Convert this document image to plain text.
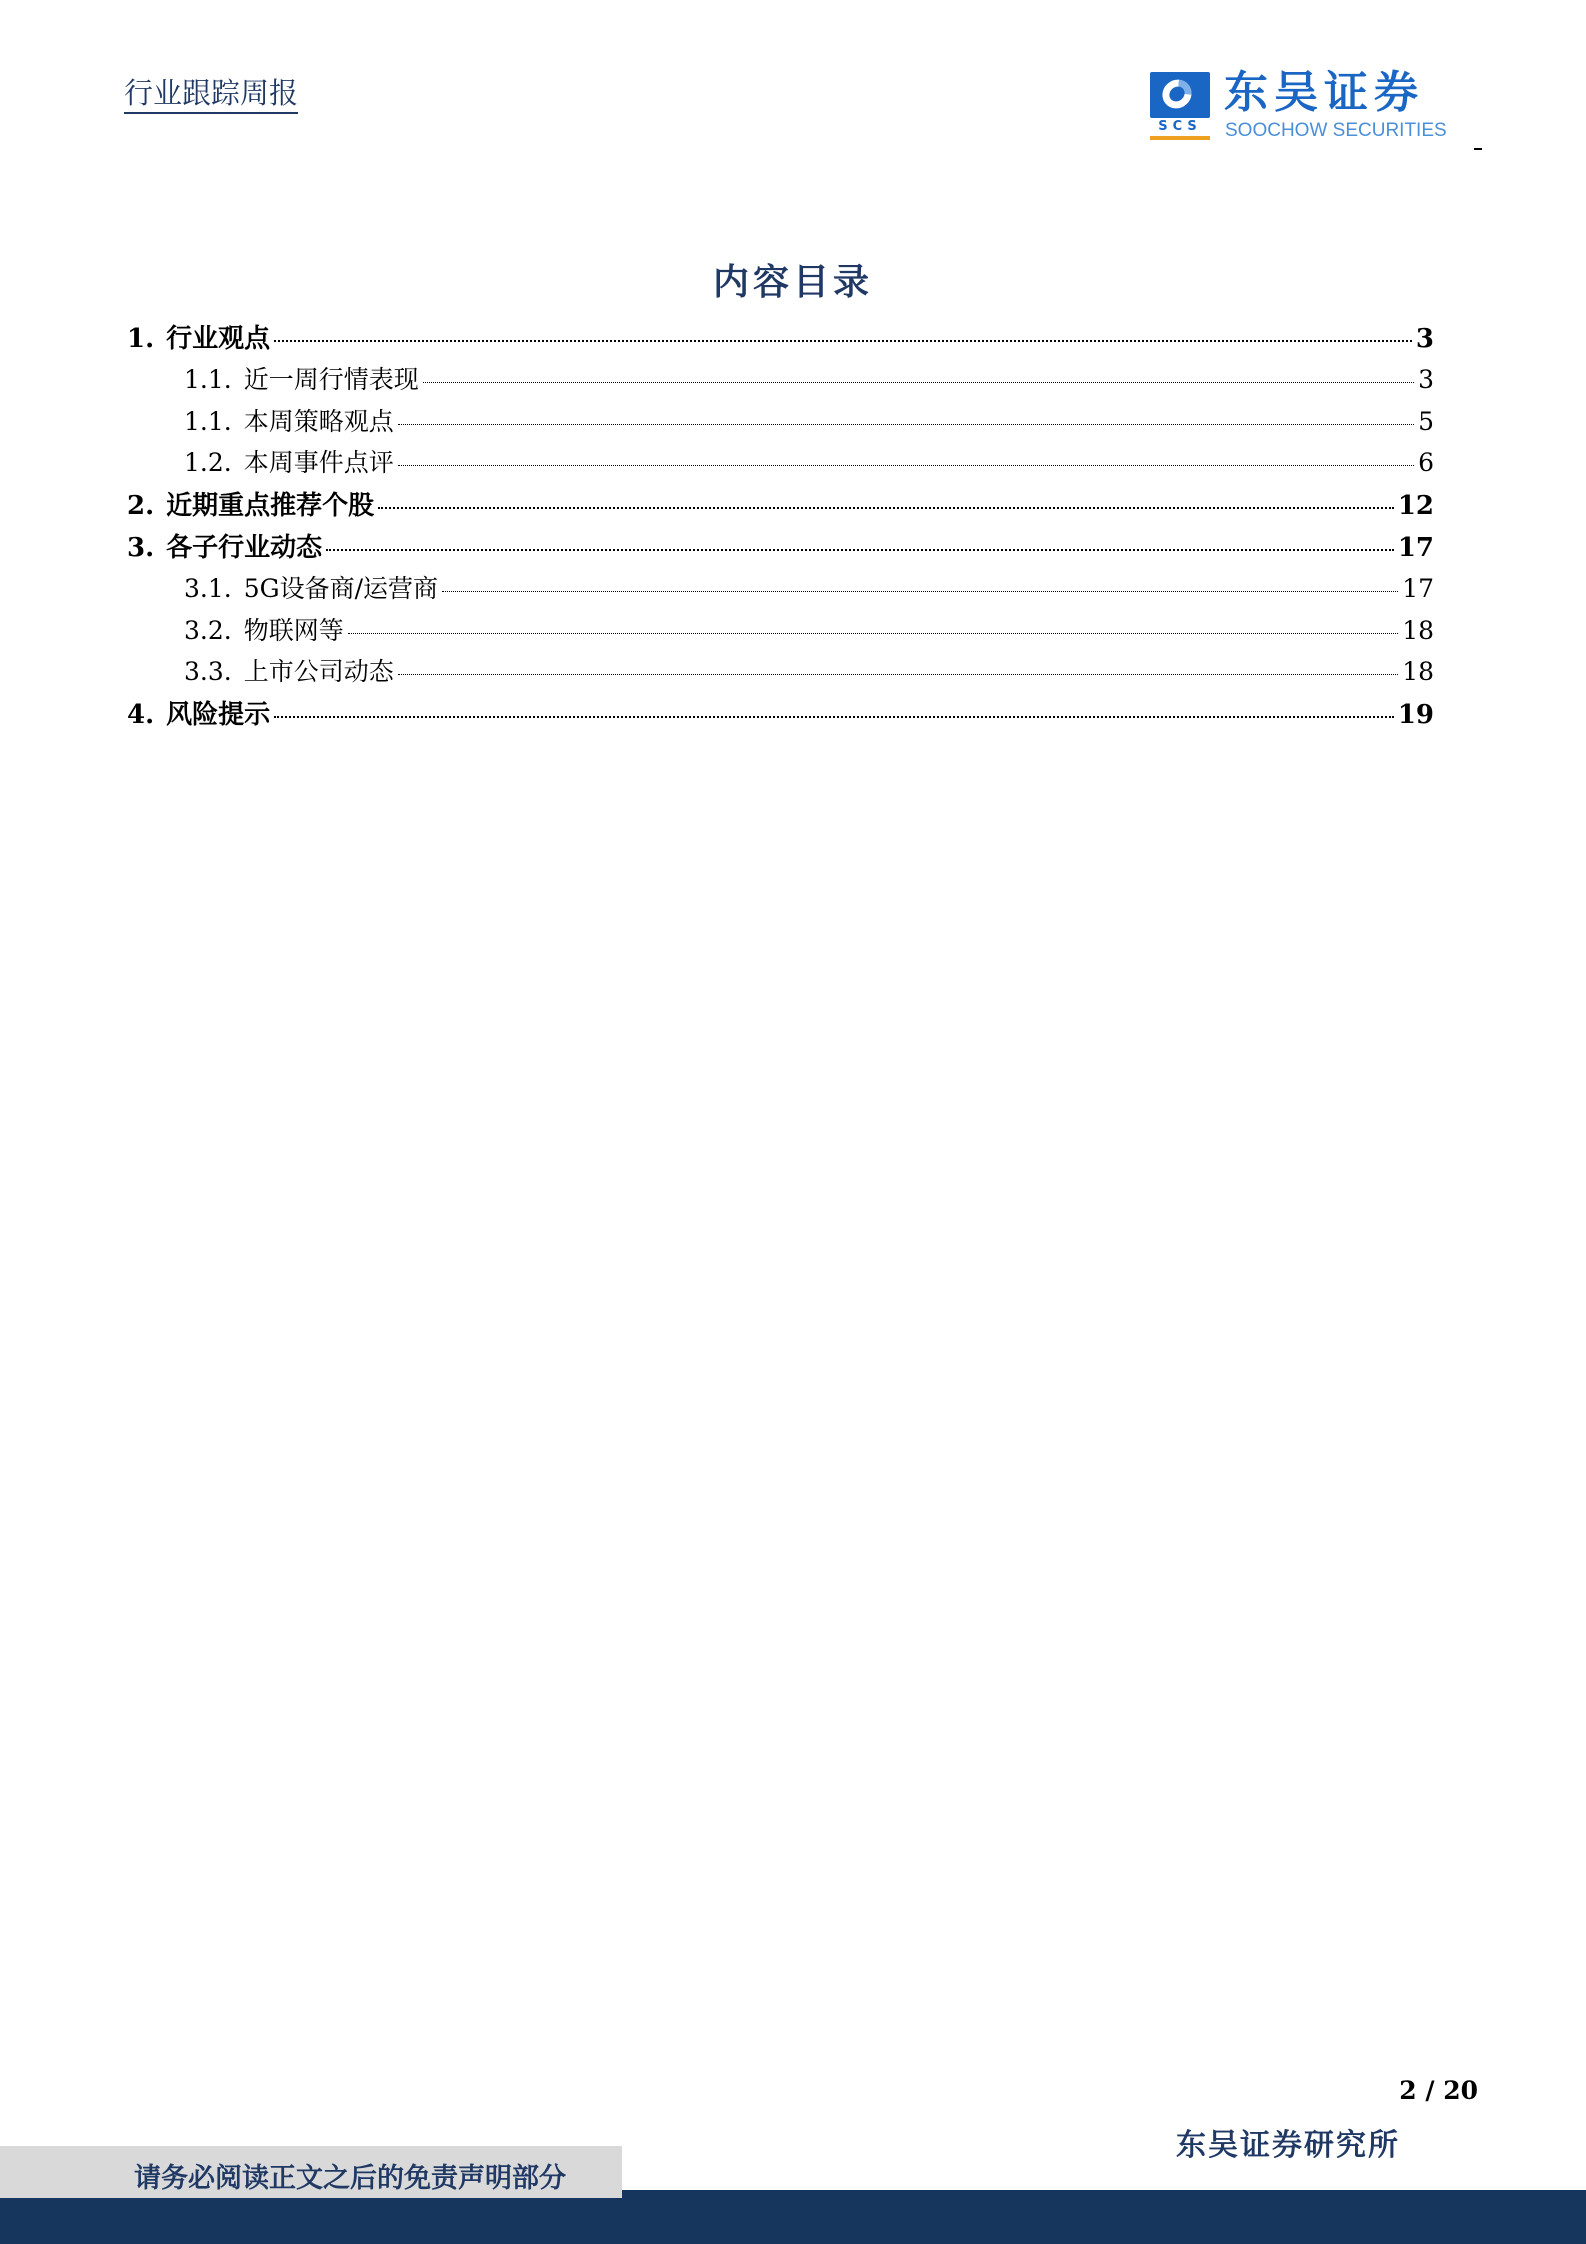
行业跟踪周报
SCS
东吴证券
SOOCHOW SECURITIES
内容目录
1. 行业观点	3
1.1. 近一周行情表现	3
1.1. 本周策略观点	5
1.2. 本周事件点评	6
2. 近期重点推荐个股	12
3. 各子行业动态	17
3.1. 5G设备商/运营商	17
3.2. 物联网等	18
3.3. 上市公司动态	18
4. 风险提示	19
2 / 20
东吴证券研究所
请务必阅读正文之后的免责声明部分
